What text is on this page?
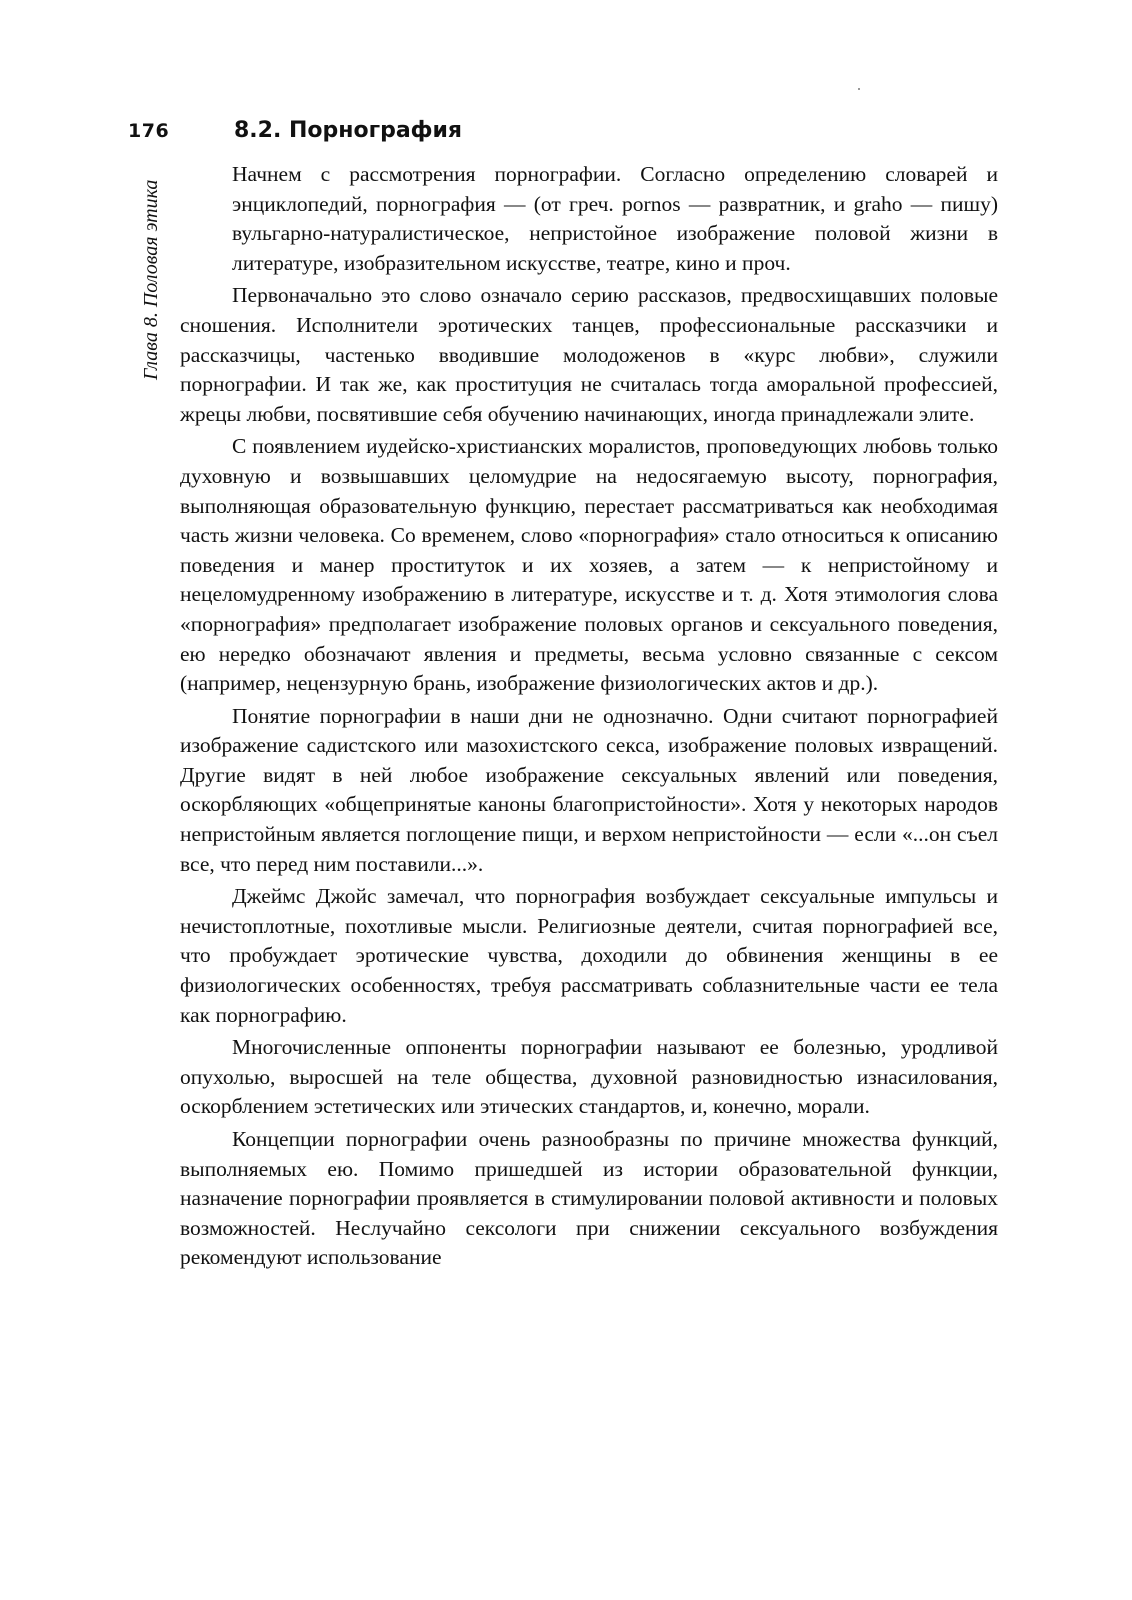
176
Глава 8. Половая этика
8.2. Порнография

Начнем с рассмотрения порнографии. Согласно определению словарей и энциклопедий, порнография — (от греч. pornos — развратник, и graho — пишу) вульгарно-натуралистическое, непристойное изображение половой жизни в литературе, изобразительном искусстве, театре, кино и проч.

Первоначально это слово означало серию рассказов, предвосхищавших половые сношения. Исполнители эротических танцев, профессиональные рассказчики и рассказчицы, частенько вводившие молодоженов в «курс любви», служили порнографии. И так же, как проституция не считалась тогда аморальной профессией, жрецы любви, посвятившие себя обучению начинающих, иногда принадлежали элите.

С появлением иудейско-христианских моралистов, проповедующих любовь только духовную и возвышавших целомудрие на недосягаемую высоту, порнография, выполняющая образовательную функцию, перестает рассматриваться как необходимая часть жизни человека. Со временем, слово «порнография» стало относиться к описанию поведения и манер проституток и их хозяев, а затем — к непристойному и нецеломудренному изображению в литературе, искусстве и т. д. Хотя этимология слова «порнография» предполагает изображение половых органов и сексуального поведения, ею нередко обозначают явления и предметы, весьма условно связанные с сексом (например, нецензурную брань, изображение физиологических актов и др.).

Понятие порнографии в наши дни не однозначно. Одни считают порнографией изображение садистского или мазохистского секса, изображение половых извращений. Другие видят в ней любое изображение сексуальных явлений или поведения, оскорбляющих «общепринятые каноны благопристойности». Хотя у некоторых народов непристойным является поглощение пищи, и верхом непристойности — если «...он съел все, что перед ним поставили...».

Джеймс Джойс замечал, что порнография возбуждает сексуальные импульсы и нечистоплотные, похотливые мысли. Религиозные деятели, считая порнографией все, что пробуждает эротические чувства, доходили до обвинения женщины в ее физиологических особенностях, требуя рассматривать соблазнительные части ее тела как порнографию.

Многочисленные оппоненты порнографии называют ее болезнью, уродливой опухолью, выросшей на теле общества, духовной разновидностью изнасилования, оскорблением эстетических или этических стандартов, и, конечно, морали.

Концепции порнографии очень разнообразны по причине множества функций, выполняемых ею. Помимо пришедшей из истории образовательной функции, назначение порнографии проявляется в стимулировании половой активности и половых возможностей. Неслучайно сексологи при снижении сексуального возбуждения рекомендуют использование
